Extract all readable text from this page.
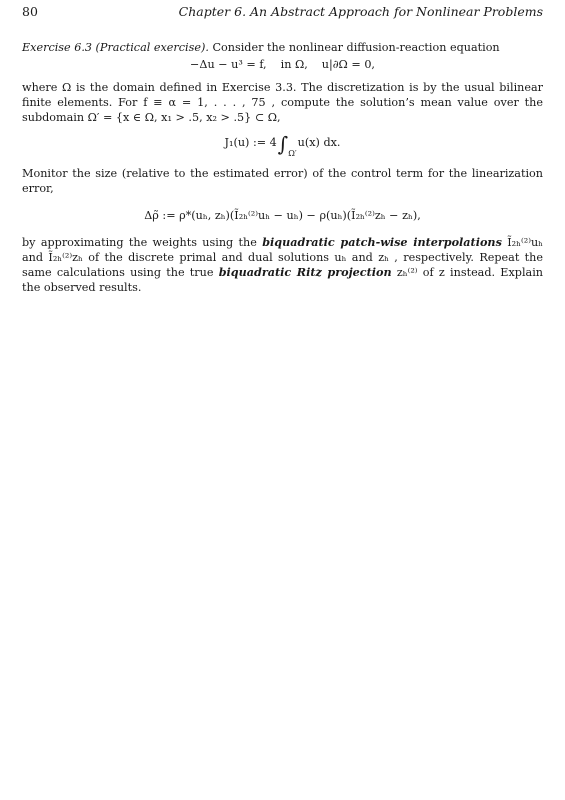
80	Chapter 6. An Abstract Approach for Nonlinear Problems

Exercise 6.3 (Practical exercise). Consider the nonlinear diffusion-reaction equation

−Δu − u³ = f, in Ω, u|∂Ω = 0,

where Ω is the domain defined in Exercise 3.3. The discretization is by the usual bilinear finite elements. For f ≡ α = 1, . . . , 75 , compute the solution’s mean value over the subdomain Ω′ = {x ∈ Ω, x₁ > .5, x₂ > .5} ⊂ Ω,

J₁(u) := $4\int_{\Omega'}u(x)$ dx.

Monitor the size (relative to the estimated error) of the control term for the linearization error,

Δρ̃ := ρ*(uₕ, zₕ)(Ĩ₂ₕ⁽²⁾uₕ − uₕ) − ρ(uₕ)(Ĩ₂ₕ⁽²⁾zₕ − zₕ),

by approximating the weights using the biquadratic patch-wise interpolations Ĩ₂ₕ⁽²⁾uₕ and Ĩ₂ₕ⁽²⁾zₕ of the discrete primal and dual solutions uₕ and zₕ , respectively. Repeat the same calculations using the true biquadratic Ritz projection zₕ⁽²⁾ of z instead. Explain the observed results.
